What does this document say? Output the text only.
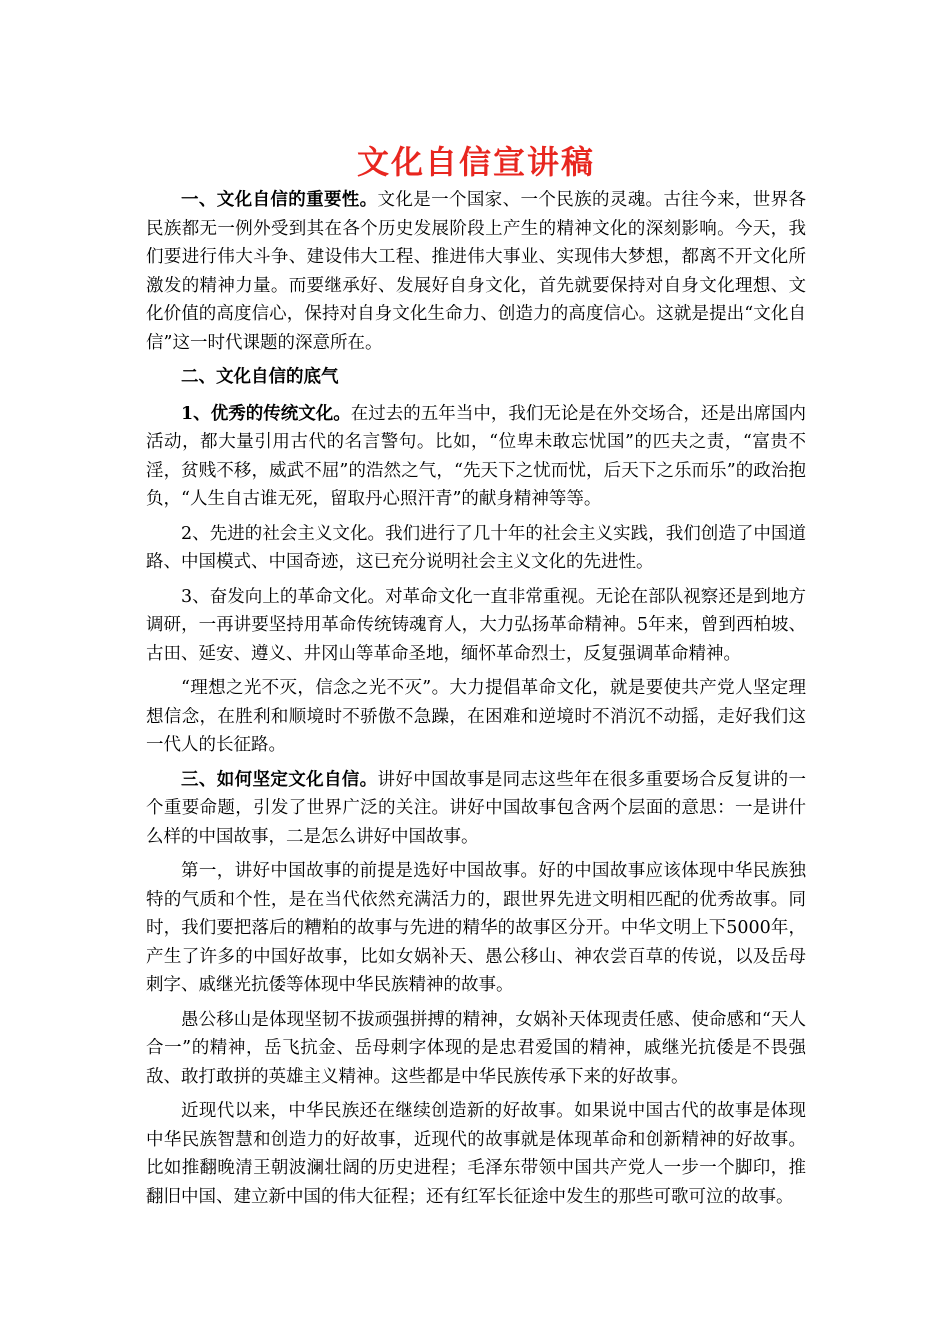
文化自信宣讲稿

一、文化自信的重要性。文化是一个国家、一个民族的灵魂。古往今来，世界各民族都无一例外受到其在各个历史发展阶段上产生的精神文化的深刻影响。今天，我们要进行伟大斗争、建设伟大工程、推进伟大事业、实现伟大梦想，都离不开文化所激发的精神力量。而要继承好、发展好自身文化，首先就要保持对自身文化理想、文化价值的高度信心，保持对自身文化生命力、创造力的高度信心。这就是提出“文化自信”这一时代课题的深意所在。

二、文化自信的底气

1、优秀的传统文化。在过去的五年当中，我们无论是在外交场合，还是出席国内活动，都大量引用古代的名言警句。比如，“位卑未敢忘忧国”的匹夫之责，“富贵不淫，贫贱不移，威武不屈”的浩然之气，“先天下之忧而忧，后天下之乐而乐”的政治抱负，“人生自古谁无死，留取丹心照汗青”的献身精神等等。

2、先进的社会主义文化。我们进行了几十年的社会主义实践，我们创造了中国道路、中国模式、中国奇迹，这已充分说明社会主义文化的先进性。

3、奋发向上的革命文化。对革命文化一直非常重视。无论在部队视察还是到地方调研，一再讲要坚持用革命传统铸魂育人，大力弘扬革命精神。5年来，曾到西柏坡、古田、延安、遵义、井冈山等革命圣地，缅怀革命烈士，反复强调革命精神。

“理想之光不灭，信念之光不灭”。大力提倡革命文化，就是要使共产党人坚定理想信念，在胜利和顺境时不骄傲不急躁，在困难和逆境时不消沉不动摇，走好我们这一代人的长征路。

三、如何坚定文化自信。讲好中国故事是同志这些年在很多重要场合反复讲的一个重要命题，引发了世界广泛的关注。讲好中国故事包含两个层面的意思：一是讲什么样的中国故事，二是怎么讲好中国故事。

第一，讲好中国故事的前提是选好中国故事。好的中国故事应该体现中华民族独特的气质和个性，是在当代依然充满活力的，跟世界先进文明相匹配的优秀故事。同时，我们要把落后的糟粕的故事与先进的精华的故事区分开。中华文明上下5000年，产生了许多的中国好故事，比如女娲补天、愚公移山、神农尝百草的传说，以及岳母刺字、戚继光抗倭等体现中华民族精神的故事。

愚公移山是体现坚韧不拔顽强拼搏的精神，女娲补天体现责任感、使命感和“天人合一”的精神，岳飞抗金、岳母刺字体现的是忠君爱国的精神，戚继光抗倭是不畏强敌、敢打敢拼的英雄主义精神。这些都是中华民族传承下来的好故事。

近现代以来，中华民族还在继续创造新的好故事。如果说中国古代的故事是体现中华民族智慧和创造力的好故事，近现代的故事就是体现革命和创新精神的好故事。比如推翻晚清王朝波澜壮阔的历史进程；毛泽东带领中国共产党人一步一个脚印，推翻旧中国、建立新中国的伟大征程；还有红军长征途中发生的那些可歌可泣的故事。
